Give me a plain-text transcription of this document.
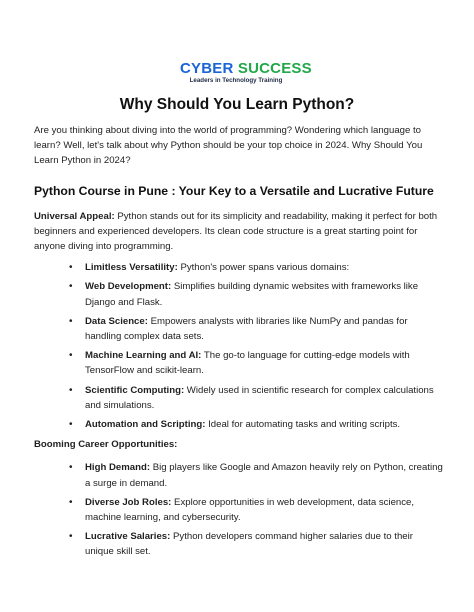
CYBER SUCCESS
Leaders in Technology Training
Why Should You Learn Python?

Are you thinking about diving into the world of programming? Wondering which language to learn? Well, let's talk about why Python should be your top choice in 2024. Why Should You Learn Python in 2024?

Python Course in Pune : Your Key to a Versatile and Lucrative Future

Universal Appeal: Python stands out for its simplicity and readability, making it perfect for both beginners and experienced developers. Its clean code structure is a great starting point for anyone diving into programming.

• Limitless Versatility: Python's power spans various domains:
• Web Development: Simplifies building dynamic websites with frameworks like Django and Flask.
• Data Science: Empowers analysts with libraries like NumPy and pandas for handling complex data sets.
• Machine Learning and AI: The go-to language for cutting-edge models with TensorFlow and scikit-learn.
• Scientific Computing: Widely used in scientific research for complex calculations and simulations.
• Automation and Scripting: Ideal for automating tasks and writing scripts.

Booming Career Opportunities:

• High Demand: Big players like Google and Amazon heavily rely on Python, creating a surge in demand.
• Diverse Job Roles: Explore opportunities in web development, data science, machine learning, and cybersecurity.
• Lucrative Salaries: Python developers command higher salaries due to their unique skill set.
